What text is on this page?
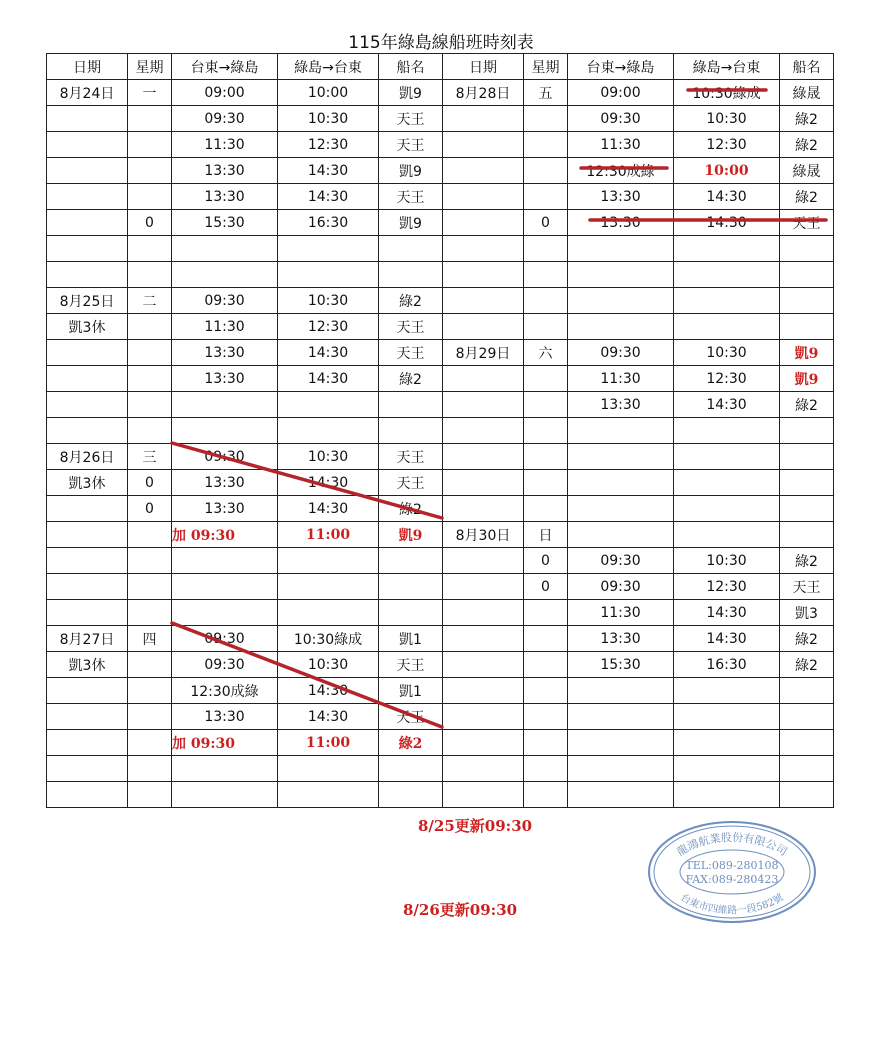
115年綠島線船班時刻表
日期	星期	台東→綠島	綠島→台東	船名	日期	星期	台東→綠島	綠島→台東	船名
8月24日	一	09:00	10:00	凱9	8月28日	五	09:00	10:30綠成	綠晟
		09:30	10:30	天王			09:30	10:30	綠2
		11:30	12:30	天王			11:30	12:30	綠2
		13:30	14:30	凱9			12:30成綠	10:00	綠晟
		13:30	14:30	天王			13:30	14:30	綠2
	0	15:30	16:30	凱9		0	13:30	14:30	天王

8月25日	二	09:30	10:30	綠2					
凱3休		11:30	12:30	天王					
		13:30	14:30	天王	8月29日	六	09:30	10:30	凱9
		13:30	14:30	綠2			11:30	12:30	凱9
							13:30	14:30	綠2

8月26日	三	09:30	10:30	天王					
凱3休	0	13:30	14:30	天王					
	0	13:30	14:30	綠2					
		加 09:30	11:00	凱9	8月30日	日			
						0	09:30	10:30	綠2
						0	09:30	12:30	天王
							11:30	14:30	凱3
8月27日	四	09:30	10:30綠成	凱1			13:30	14:30	綠2
凱3休		09:30	10:30	天王			15:30	16:30	綠2
		12:30成綠	14:30	凱1					
		13:30	14:30	天王					
		加 09:30	11:00	綠2					

8/25更新09:30
8/26更新09:30
龍鴻航業股份有限公司
台東市四維路一段582號
TEL:089-280108
FAX:089-280423
